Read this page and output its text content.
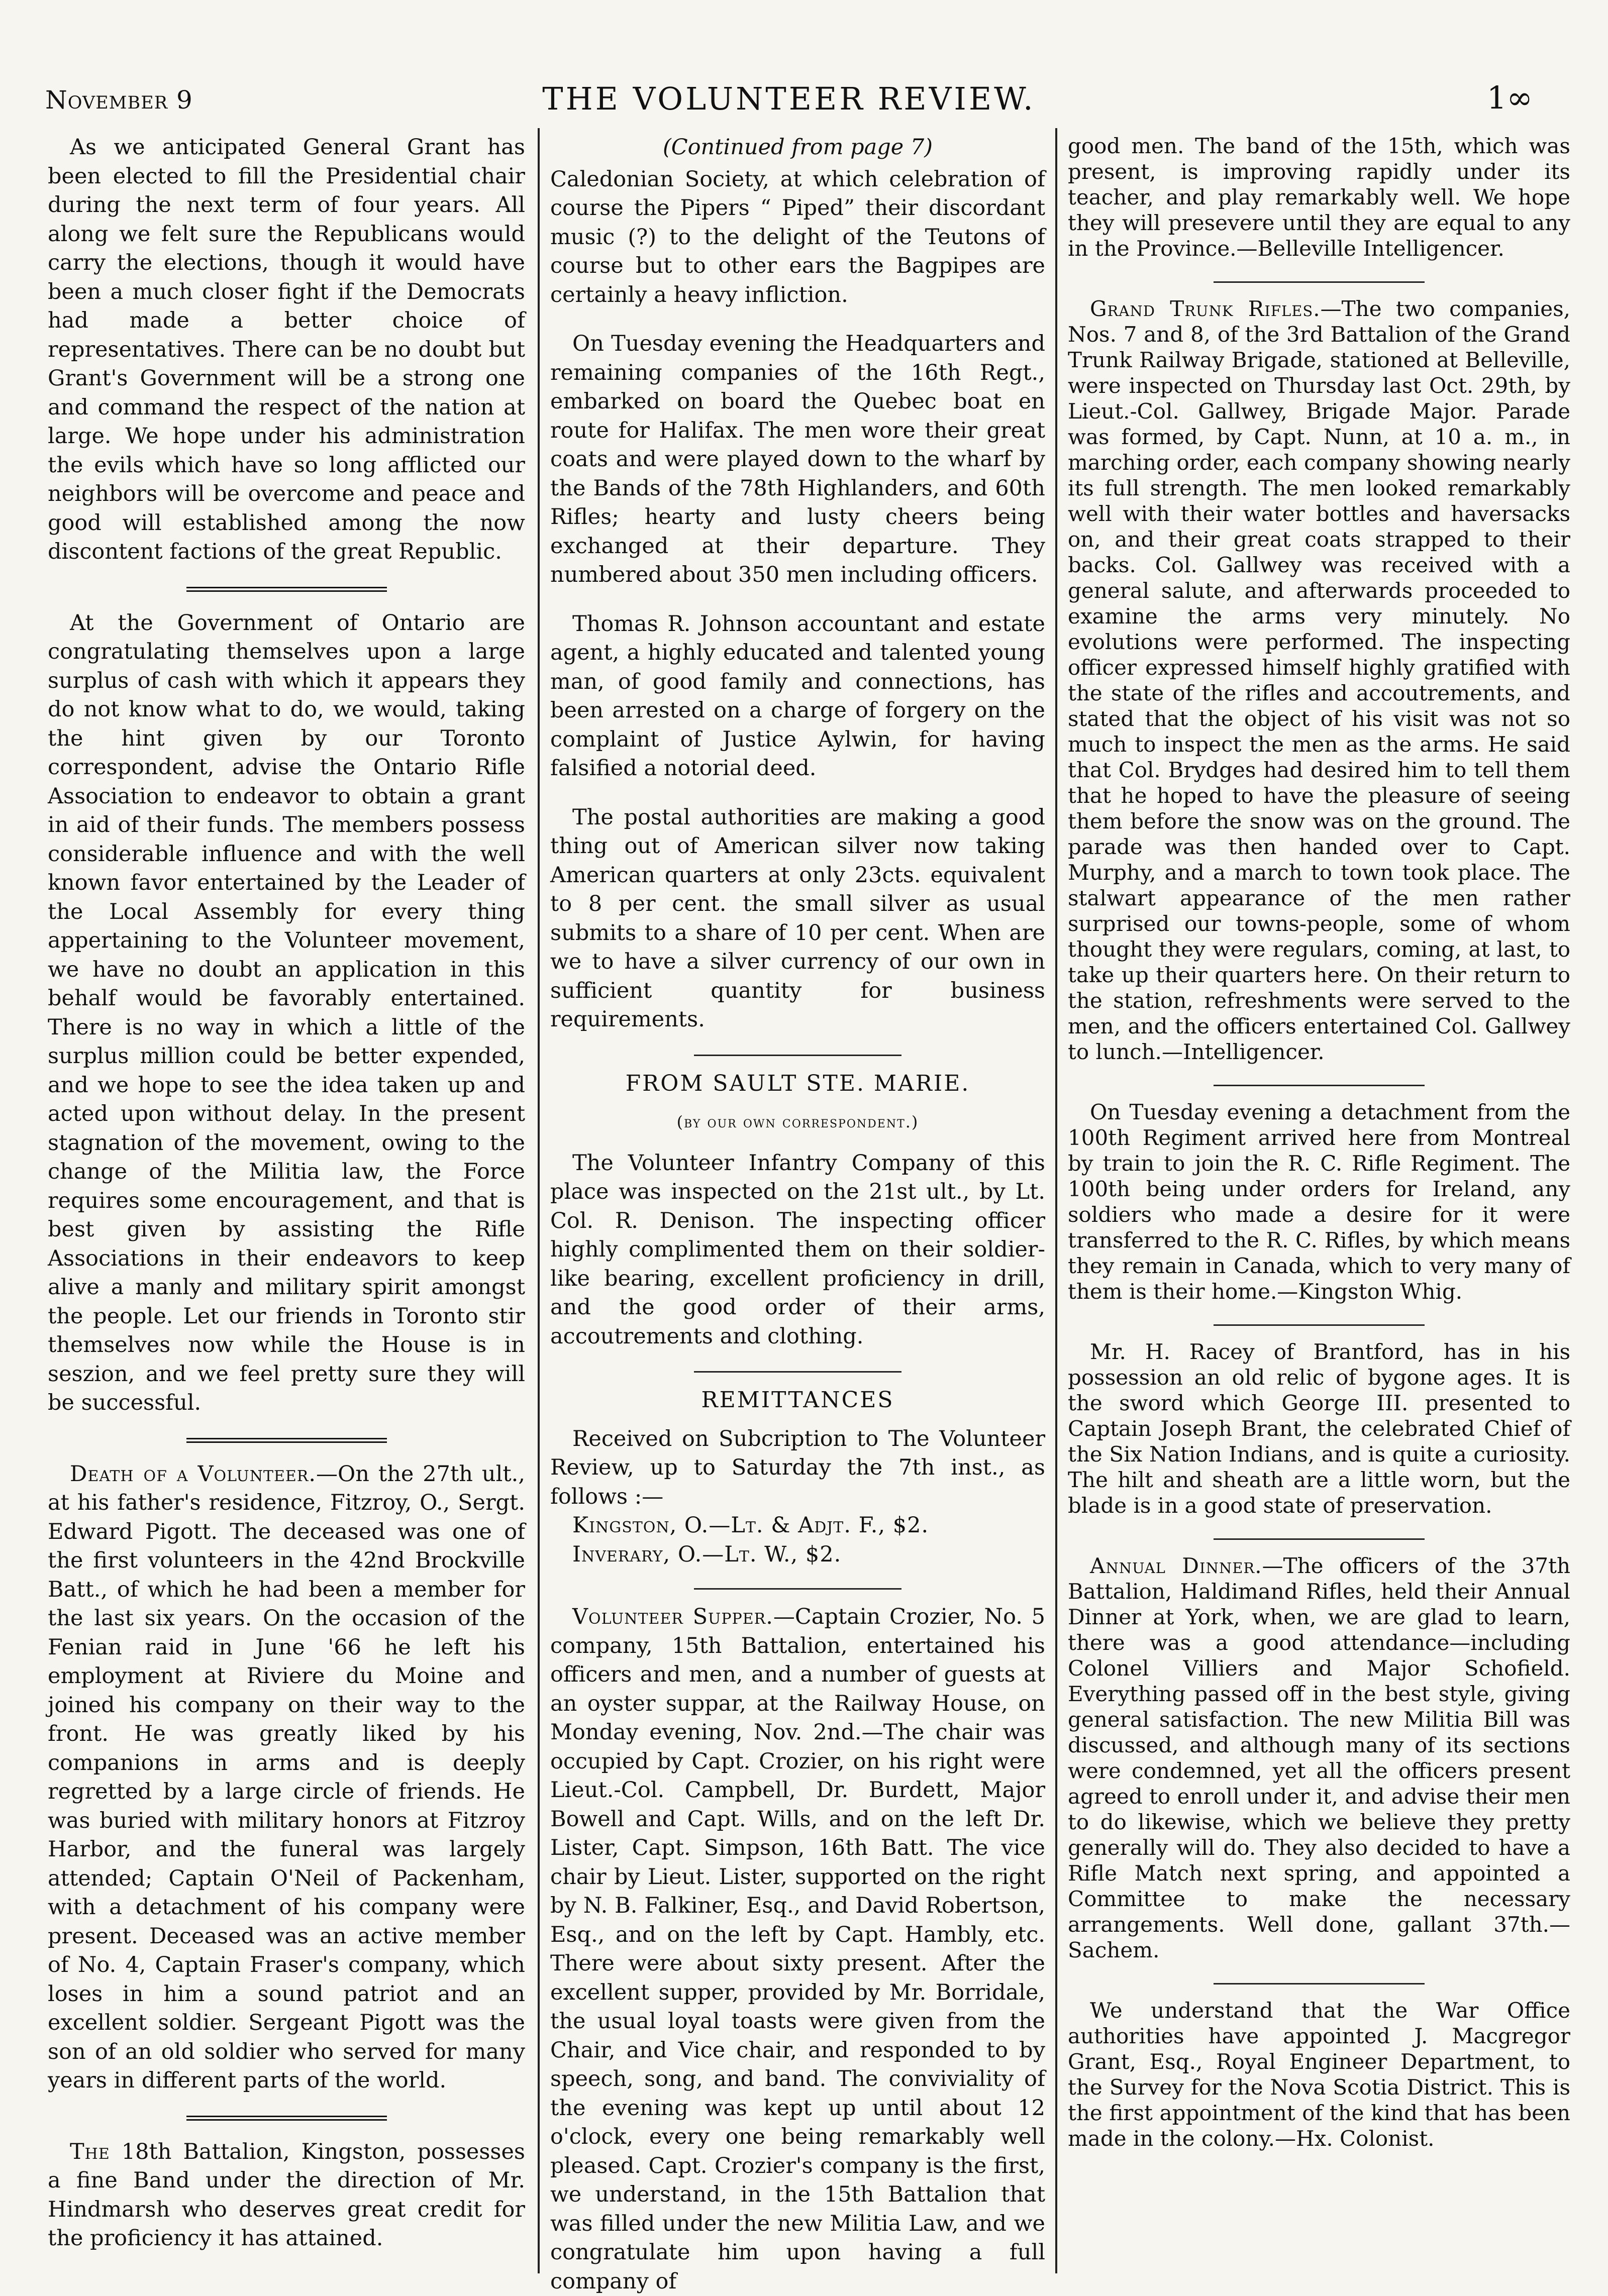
November 9	THE VOLUNTEER REVIEW.	1∞

As we anticipated General Grant has been elected to fill the Presidential chair during the next term of four years. All along we felt sure the Republicans would carry the elections, though it would have been a much closer fight if the Democrats had made a better choice of representatives. There can be no doubt but Grant's Government will be a strong one and command the respect of the nation at large. We hope under his administration the evils which have so long afflicted our neighbors will be overcome and peace and good will established among the now discontent factions of the great Republic.

At the Government of Ontario are congratulating themselves upon a large surplus of cash with which it appears they do not know what to do, we would, taking the hint given by our Toronto correspondent, advise the Ontario Rifle Association to endeavor to obtain a grant in aid of their funds. The members possess considerable influence and with the well known favor entertained by the Leader of the Local Assembly for every thing appertaining to the Volunteer movement, we have no doubt an application in this behalf would be favorably entertained. There is no way in which a little of the surplus million could be better expended, and we hope to see the idea taken up and acted upon without delay. In the present stagnation of the movement, owing to the change of the Militia law, the Force requires some encouragement, and that is best given by assisting the Rifle Associations in their endeavors to keep alive a manly and military spirit amongst the people. Let our friends in Toronto stir themselves now while the House is in seszion, and we feel pretty sure they will be successful.

Death of a Volunteer.—On the 27th ult., at his father's residence, Fitzroy, O., Sergt. Edward Pigott. The deceased was one of the first volunteers in the 42nd Brockville Batt., of which he had been a member for the last six years. On the occasion of the Fenian raid in June '66 he left his employment at Riviere du Moine and joined his company on their way to the front. He was greatly liked by his companions in arms and is deeply regretted by a large circle of friends. He was buried with military honors at Fitzroy Harbor, and the funeral was largely attended; Captain O'Neil of Packenham, with a detachment of his company were present. Deceased was an active member of No. 4, Captain Fraser's company, which loses in him a sound patriot and an excellent soldier. Sergeant Pigott was the son of an old soldier who served for many years in different parts of the world.

The 18th Battalion, Kingston, possesses a fine Band under the direction of Mr. Hindmarsh who deserves great credit for the proficiency it has attained.

(Continued from page 7)

Caledonian Society, at which celebration of course the Pipers “ Piped” their discordant music (?) to the delight of the Teutons of course but to other ears the Bagpipes are certainly a heavy infliction.

On Tuesday evening the Headquarters and remaining companies of the 16th Regt., embarked on board the Quebec boat en route for Halifax. The men wore their great coats and were played down to the wharf by the Bands of the 78th Highlanders, and 60th Rifles; hearty and lusty cheers being exchanged at their departure. They numbered about 350 men including officers.

Thomas R. Johnson accountant and estate agent, a highly educated and talented young man, of good family and connections, has been arrested on a charge of forgery on the complaint of Justice Aylwin, for having falsified a notorial deed.

The postal authorities are making a good thing out of American silver now taking American quarters at only 23cts. equivalent to 8 per cent. the small silver as usual submits to a share of 10 per cent. When are we to have a silver currency of our own in sufficient quantity for business requirements.

FROM SAULT STE. MARIE.
(by our own correspondent.)

The Volunteer Infantry Company of this place was inspected on the 21st ult., by Lt. Col. R. Denison. The inspecting officer highly complimented them on their soldier-like bearing, excellent proficiency in drill, and the good order of their arms, accoutrements and clothing.

REMITTANCES
Received on Subcription to The Volunteer Review, up to Saturday the 7th inst., as follows :—
Kingston, O.—Lt. & Adjt. F., $2.
Inverary, O.—Lt. W., $2.

Volunteer Supper.—Captain Crozier, No. 5 company, 15th Battalion, entertained his officers and men, and a number of guests at an oyster suppar, at the Railway House, on Monday evening, Nov. 2nd.—The chair was occupied by Capt. Crozier, on his right were Lieut.-Col. Campbell, Dr. Burdett, Major Bowell and Capt. Wills, and on the left Dr. Lister, Capt. Simpson, 16th Batt. The vice chair by Lieut. Lister, supported on the right by N. B. Falkiner, Esq., and David Robertson, Esq., and on the left by Capt. Hambly, etc. There were about sixty present. After the excellent supper, provided by Mr. Borridale, the usual loyal toasts were given from the Chair, and Vice chair, and responded to by speech, song, and band. The conviviality of the evening was kept up until about 12 o'clock, every one being remarkably well pleased. Capt. Crozier's company is the first, we understand, in the 15th Battalion that was filled under the new Militia Law, and we congratulate him upon having a full company of

good men. The band of the 15th, which was present, is improving rapidly under its teacher, and play remarkably well. We hope they will presevere until they are equal to any in the Province.—Belleville Intelligencer.

Grand Trunk Rifles.—The two companies, Nos. 7 and 8, of the 3rd Battalion of the Grand Trunk Railway Brigade, stationed at Belleville, were inspected on Thursday last Oct. 29th, by Lieut.-Col. Gallwey, Brigade Major. Parade was formed, by Capt. Nunn, at 10 a. m., in marching order, each company showing nearly its full strength. The men looked remarkably well with their water bottles and haversacks on, and their great coats strapped to their backs. Col. Gallwey was received with a general salute, and afterwards proceeded to examine the arms very minutely. No evolutions were performed. The inspecting officer expressed himself highly gratified with the state of the rifles and accoutrements, and stated that the object of his visit was not so much to inspect the men as the arms. He said that Col. Brydges had desired him to tell them that he hoped to have the pleasure of seeing them before the snow was on the ground. The parade was then handed over to Capt. Murphy, and a march to town took place. The stalwart appearance of the men rather surprised our towns-people, some of whom thought they were regulars, coming, at last, to take up their quarters here. On their return to the station, refreshments were served to the men, and the officers entertained Col. Gallwey to lunch.—Intelligencer.

On Tuesday evening a detachment from the 100th Regiment arrived here from Montreal by train to join the R. C. Rifle Regiment. The 100th being under orders for Ireland, any soldiers who made a desire for it were transferred to the R. C. Rifles, by which means they remain in Canada, which to very many of them is their home.—Kingston Whig.

Mr. H. Racey of Brantford, has in his possession an old relic of bygone ages. It is the sword which George III. presented to Captain Joseph Brant, the celebrated Chief of the Six Nation Indians, and is quite a curiosity. The hilt and sheath are a little worn, but the blade is in a good state of preservation.

Annual Dinner.—The officers of the 37th Battalion, Haldimand Rifles, held their Annual Dinner at York, when, we are glad to learn, there was a good attendance—including Colonel Villiers and Major Schofield. Everything passed off in the best style, giving general satisfaction. The new Militia Bill was discussed, and although many of its sections were condemned, yet all the officers present agreed to enroll under it, and advise their men to do likewise, which we believe they pretty generally will do. They also decided to have a Rifle Match next spring, and appointed a Committee to make the necessary arrangements. Well done, gallant 37th.—Sachem.

We understand that the War Office authorities have appointed J. Macgregor Grant, Esq., Royal Engineer Department, to the Survey for the Nova Scotia District. This is the first appointment of the kind that has been made in the colony.—Hx. Colonist.
